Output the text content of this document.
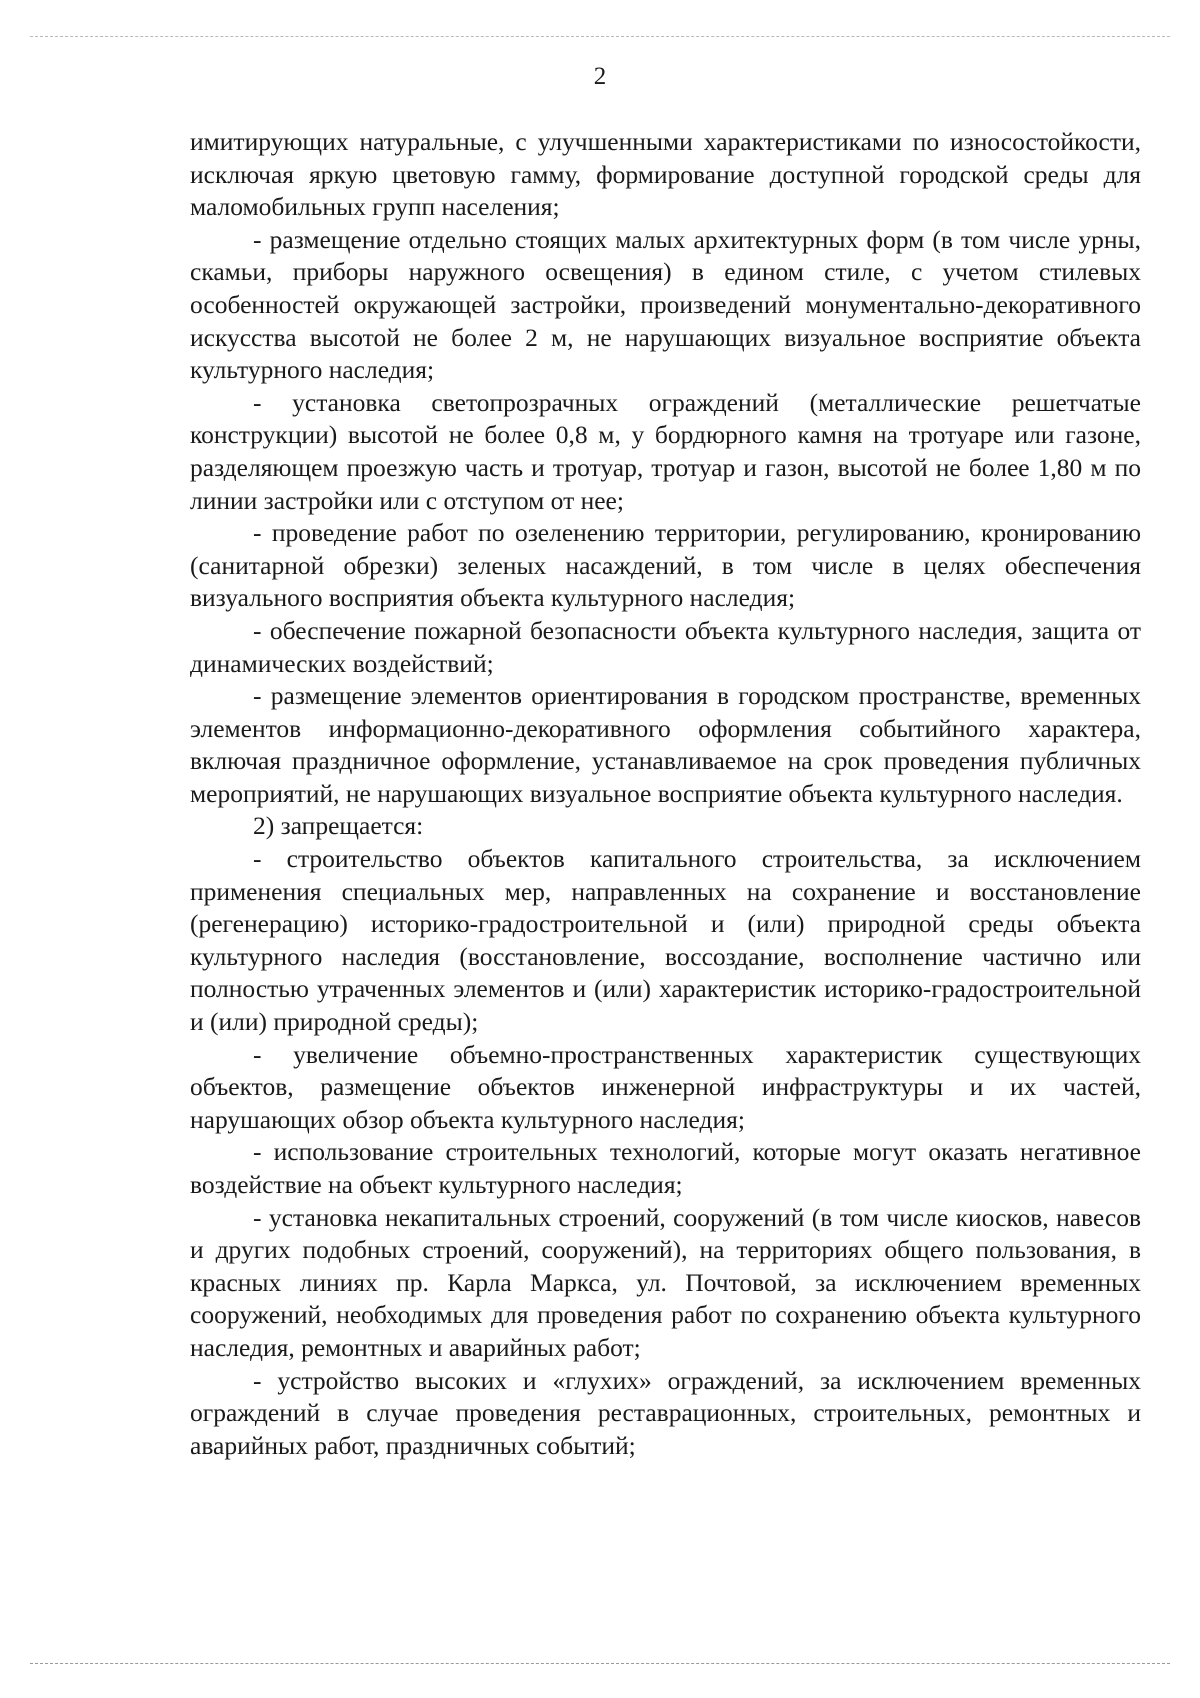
2

имитирующих натуральные, с улучшенными характеристиками по износостойкости, исключая яркую цветовую гамму, формирование доступной городской среды для маломобильных групп населения;

- размещение отдельно стоящих малых архитектурных форм (в том числе урны, скамьи, приборы наружного освещения) в едином стиле, с учетом стилевых особенностей окружающей застройки, произведений монументально-декоративного искусства высотой не более 2 м, не нарушающих визуальное восприятие объекта культурного наследия;

- установка светопрозрачных ограждений (металлические решетчатые конструкции) высотой не более 0,8 м, у бордюрного камня на тротуаре или газоне, разделяющем проезжую часть и тротуар, тротуар и газон, высотой не более 1,80 м по линии застройки или с отступом от нее;

- проведение работ по озеленению территории, регулированию, кронированию (санитарной обрезки) зеленых насаждений, в том числе в целях обеспечения визуального восприятия объекта культурного наследия;

- обеспечение пожарной безопасности объекта культурного наследия, защита от динамических воздействий;

- размещение элементов ориентирования в городском пространстве, временных элементов информационно-декоративного оформления событийного характера, включая праздничное оформление, устанавливаемое на срок проведения публичных мероприятий, не нарушающих визуальное восприятие объекта культурного наследия.

2) запрещается:

- строительство объектов капитального строительства, за исключением применения специальных мер, направленных на сохранение и восстановление (регенерацию) историко-градостроительной и (или) природной среды объекта культурного наследия (восстановление, воссоздание, восполнение частично или полностью утраченных элементов и (или) характеристик историко-градостроительной и (или) природной среды);

- увеличение объемно-пространственных характеристик существующих объектов, размещение объектов инженерной инфраструктуры и их частей, нарушающих обзор объекта культурного наследия;

- использование строительных технологий, которые могут оказать негативное воздействие на объект культурного наследия;

- установка некапитальных строений, сооружений (в том числе киосков, навесов и других подобных строений, сооружений), на территориях общего пользования, в красных линиях пр. Карла Маркса, ул. Почтовой, за исключением временных сооружений, необходимых для проведения работ по сохранению объекта культурного наследия, ремонтных и аварийных работ;

- устройство высоких и «глухих» ограждений, за исключением временных ограждений в случае проведения реставрационных, строительных, ремонтных и аварийных работ, праздничных событий;
